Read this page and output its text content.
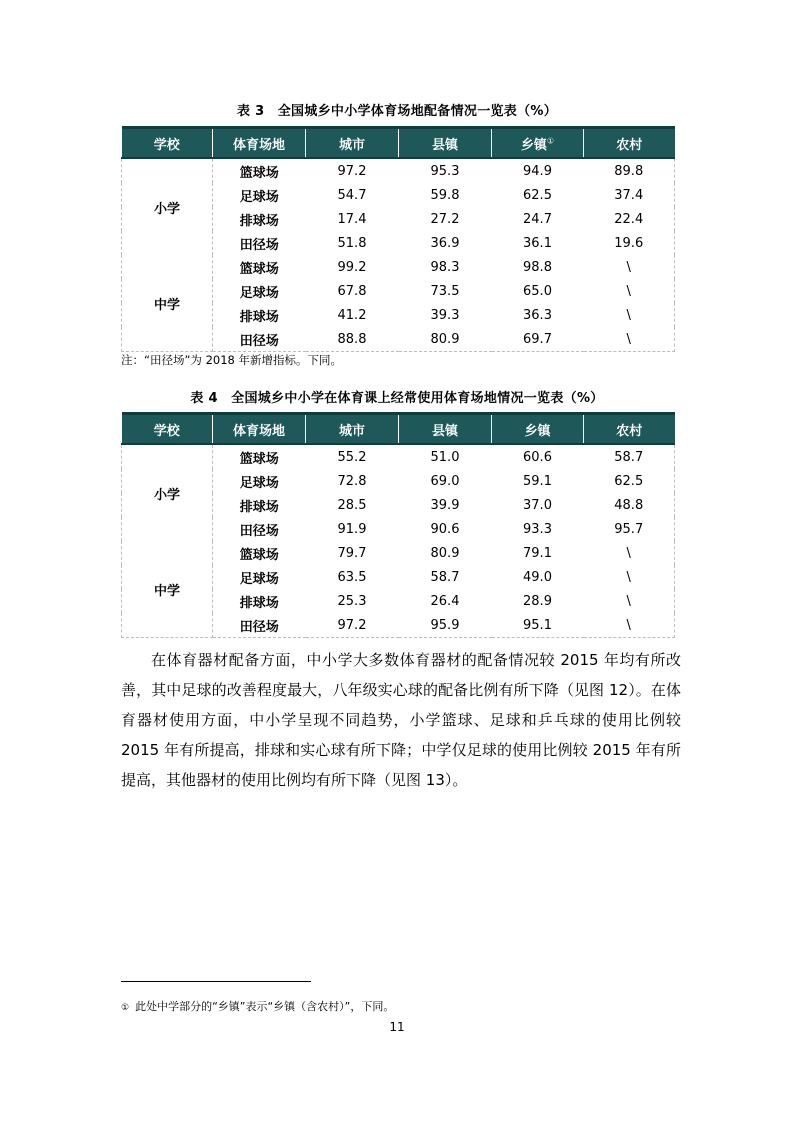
表 3　全国城乡中小学体育场地配备情况一览表（%）
学校	体育场地	城市	县镇	乡镇①	农村
小学	篮球场	97.2	95.3	94.9	89.8
	足球场	54.7	59.8	62.5	37.4
	排球场	17.4	27.2	24.7	22.4
	田径场	51.8	36.9	36.1	19.6
中学	篮球场	99.2	98.3	98.8	\
	足球场	67.8	73.5	65.0	\
	排球场	41.2	39.3	36.3	\
	田径场	88.8	80.9	69.7	\
注：“田径场”为 2018 年新增指标。下同。
表 4　全国城乡中小学在体育课上经常使用体育场地情况一览表（%）
学校	体育场地	城市	县镇	乡镇	农村
小学	篮球场	55.2	51.0	60.6	58.7
	足球场	72.8	69.0	59.1	62.5
	排球场	28.5	39.9	37.0	48.8
	田径场	91.9	90.6	93.3	95.7
中学	篮球场	79.7	80.9	79.1	\
	足球场	63.5	58.7	49.0	\
	排球场	25.3	26.4	28.9	\
	田径场	97.2	95.9	95.1	\

在体育器材配备方面，中小学大多数体育器材的配备情况较 2015 年均有所改善，其中足球的改善程度最大，八年级实心球的配备比例有所下降（见图 12）。在体育器材使用方面，中小学呈现不同趋势，小学篮球、足球和乒乓球的使用比例较 2015 年有所提高，排球和实心球有所下降；中学仅足球的使用比例较 2015 年有所提高，其他器材的使用比例均有所下降（见图 13）。

① 此处中学部分的“乡镇”表示“乡镇（含农村）”，下同。
11
